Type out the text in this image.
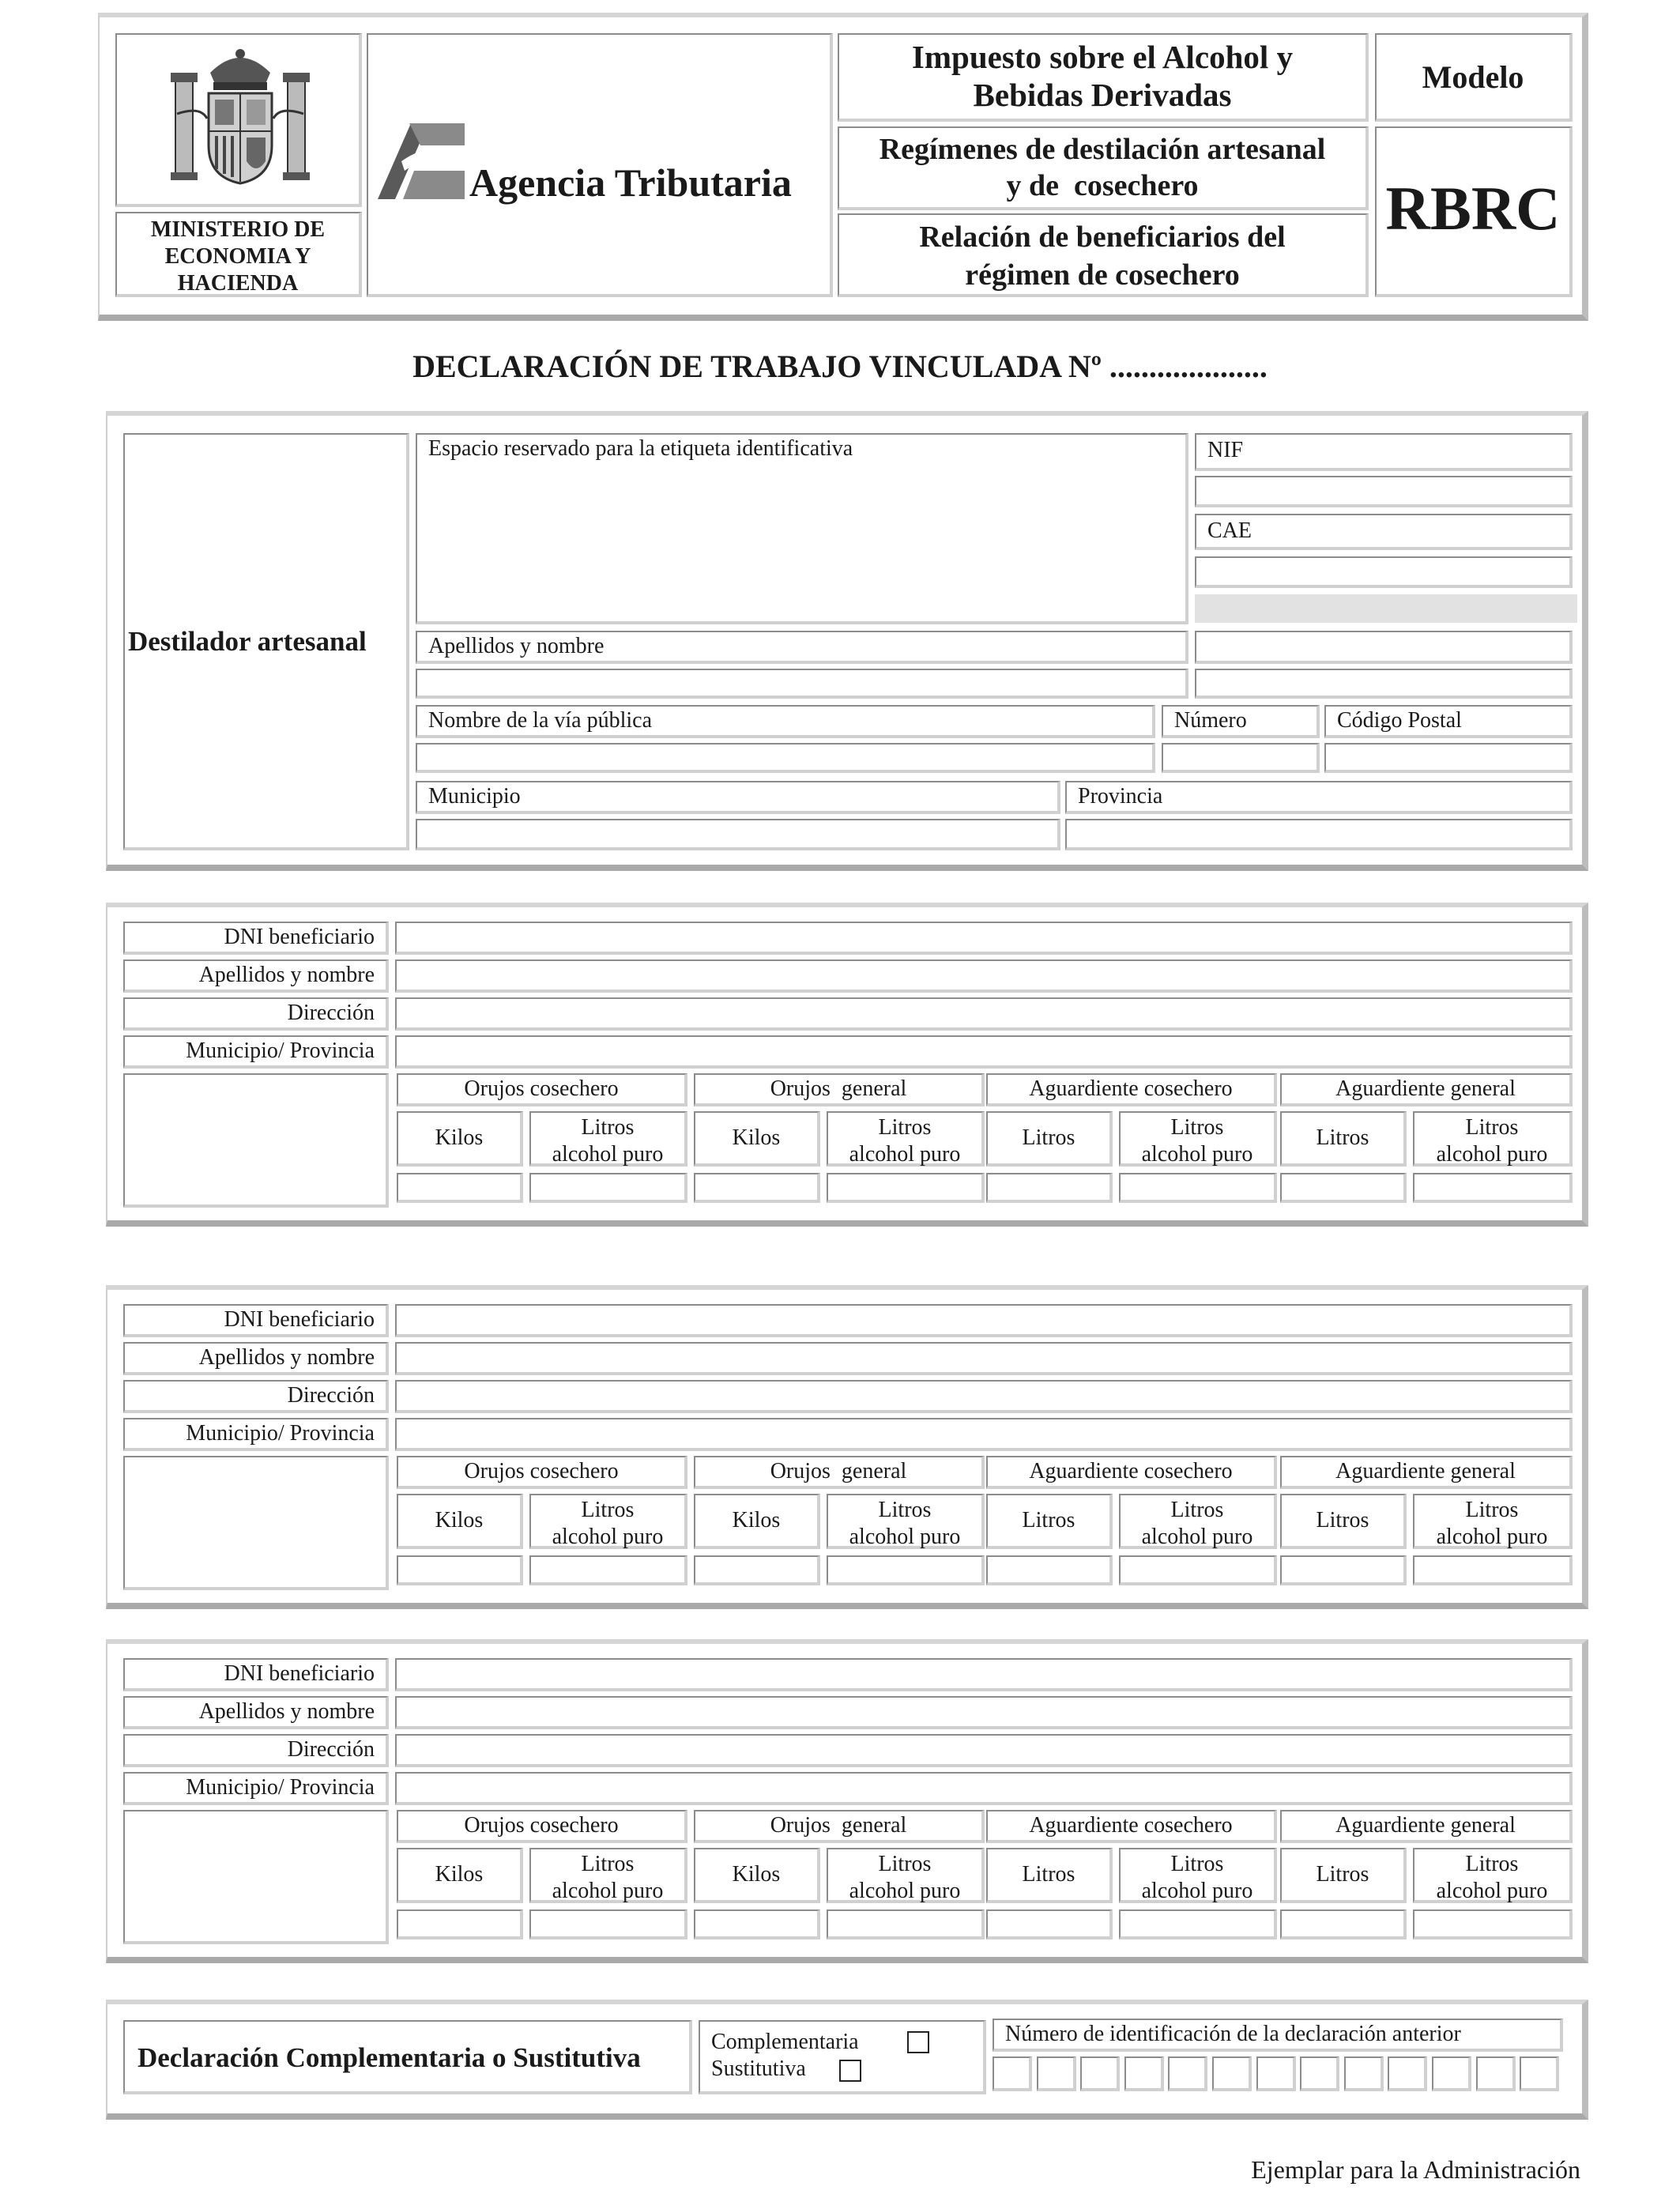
MINISTERIO DE
ECONOMIA Y
HACIENDA
Agencia Tributaria
Impuesto sobre el Alcohol y
Bebidas Derivadas
Regímenes de destilación artesanal
y de  cosechero
Relación de beneficiarios del
régimen de cosechero
Modelo
RBRC
DECLARACIÓN DE TRABAJO VINCULADA Nº ....................
Destilador artesanal
Espacio reservado para la etiqueta identificativa	NIF
CAE
Apellidos y nombre
Nombre de la vía pública	Número	Código Postal
Municipio	Provincia
DNI beneficiario
Apellidos y nombre
Dirección
Municipio/ Provincia
Orujos cosechero	Orujos  general	Aguardiente cosechero	Aguardiente general
Kilos	Litros
alcohol puro
Kilos	Litros
alcohol puro
Litros	Litros
alcohol puro
Litros	Litros
alcohol puro
DNI beneficiario
Apellidos y nombre
Dirección
Municipio/ Provincia
Orujos cosechero	Orujos  general	Aguardiente cosechero	Aguardiente general
Kilos	Litros
alcohol puro
Kilos	Litros
alcohol puro
Litros	Litros
alcohol puro
Litros	Litros
alcohol puro
DNI beneficiario
Apellidos y nombre
Dirección
Municipio/ Provincia
Orujos cosechero	Orujos  general	Aguardiente cosechero	Aguardiente general
Kilos	Litros
alcohol puro
Kilos	Litros
alcohol puro
Litros	Litros
alcohol puro
Litros	Litros
alcohol puro
Declaración Complementaria o Sustitutiva
Complementaria
Sustitutiva
Número de identificación de la declaración anterior
Ejemplar para la Administración
